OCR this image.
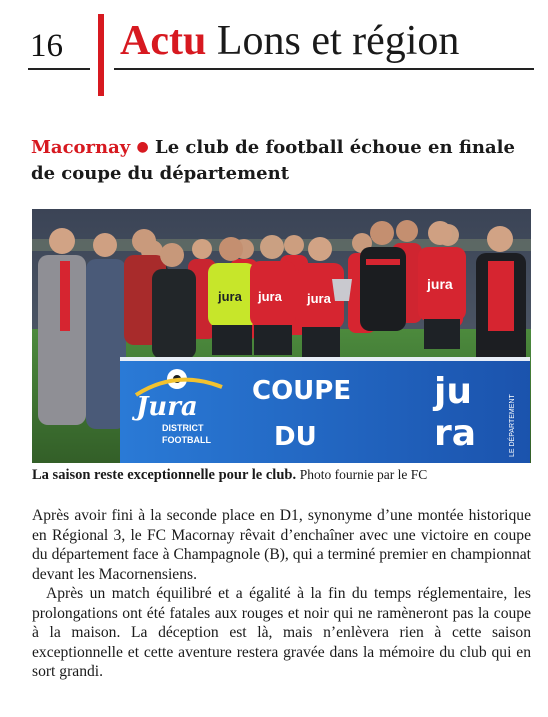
16 Actu Lons et région
Macornay ● Le club de football échoue en finale de coupe du département
jura jura jura
jura
Jura
DISTRICT
FOOTBALL
COUPE
DU
ju
ra	LE DÉPARTEMENT
La saison reste exceptionnelle pour le club. Photo fournie par le FC

Après avoir fini à la seconde place en D1, synonyme d’une montée historique en Régional 3, le FC Macornay rêvait d’enchaîner avec une victoire en coupe du département face à Champagnole (B), qui a terminé premier en championnat devant les Macornensiens.

Après un match équilibré et a égalité à la fin du temps réglementaire, les prolongations ont été fatales aux rouges et noir qui ne ramèneront pas la coupe à la maison. La déception est là, mais n’enlèvera rien à cette saison exceptionnelle et cette aventure restera gravée dans la mémoire du club qui en sort grandi.
